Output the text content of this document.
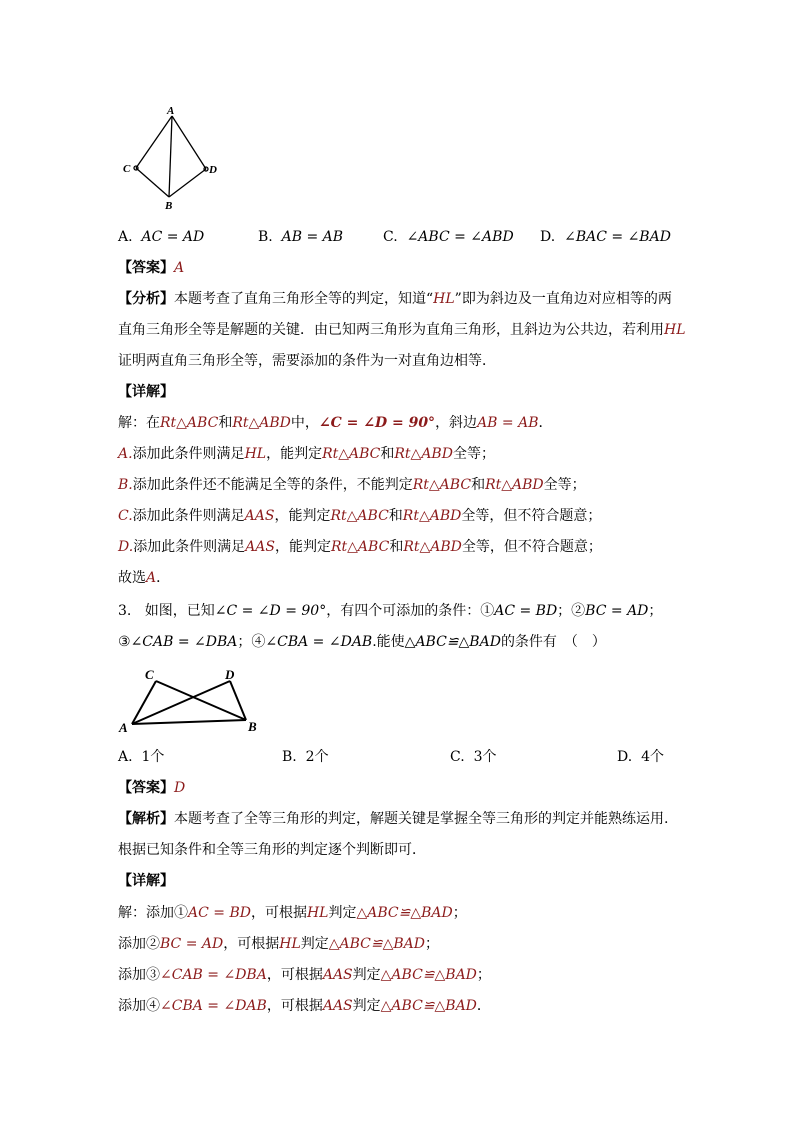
A
C	D
B
A. AC = AD	B. AB = AB	C. ∠ABC = ∠ABD D. ∠BAC = ∠BAD
【答案】A
【分析】本题考查了直角三角形全等的判定，知道“HL”即为斜边及一直角边对应相等的两
直角三角形全等是解题的关键．由已知两三角形为直角三角形，且斜边为公共边，若利用HL
证明两直角三角形全等，需要添加的条件为一对直角边相等．
【详解】
解：在Rt△ABC和Rt△ABD中，∠C = ∠D = 90°，斜边AB = AB．
A.添加此条件则满足HL，能判定Rt△ABC和Rt△ABD全等；
B.添加此条件还不能满足全等的条件，不能判定Rt△ABC和Rt△ABD全等；
C.添加此条件则满足AAS，能判定Rt△ABC和Rt△ABD全等，但不符合题意；
D.添加此条件则满足AAS，能判定Rt△ABC和Rt△ABD全等，但不符合题意；
故选A．
3. 如图，已知∠C = ∠D = 90°，有四个可添加的条件：①AC = BD；②BC = AD；
③∠CAB = ∠DBA；④∠CBA = ∠DAB.能使△ABC≌△BAD的条件有　（　）
C	D
A	B
A. 1个	B. 2个	C. 3个	D. 4个
【答案】D
【解析】本题考查了全等三角形的判定，解题关键是掌握全等三角形的判定并能熟练运用.
根据已知条件和全等三角形的判定逐个判断即可．
【详解】
解：添加①AC = BD，可根据HL判定△ABC≌△BAD；
添加②BC = AD，可根据HL判定△ABC≌△BAD；
添加③∠CAB = ∠DBA，可根据AAS判定△ABC≌△BAD；
添加④∠CBA = ∠DAB，可根据AAS判定△ABC≌△BAD．
